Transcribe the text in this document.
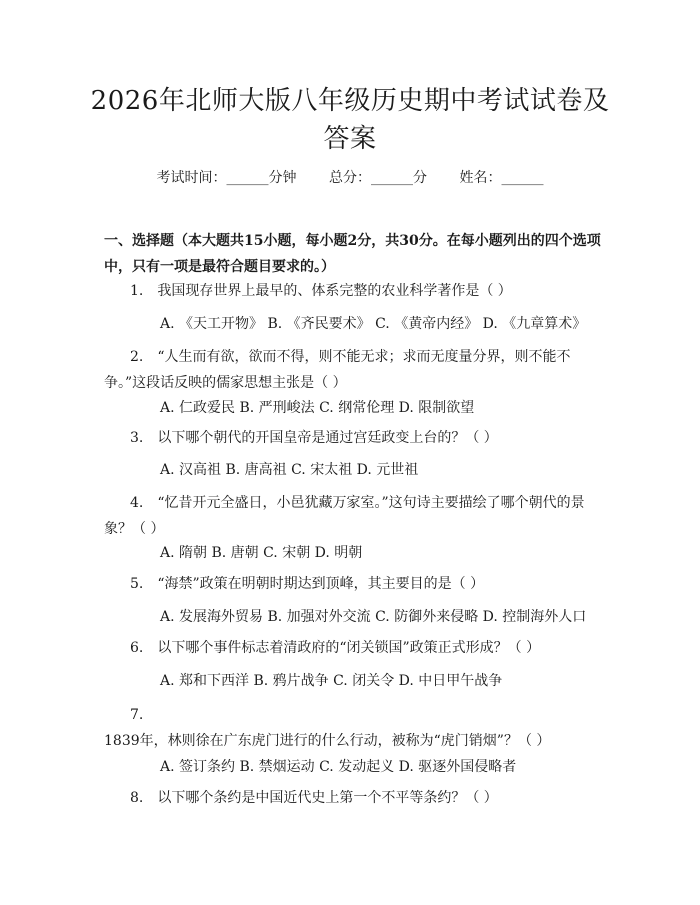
2026年北师大版八年级历史期中考试试卷及答案
考试时间：______分钟 总分：______分 姓名：______
一、选择题（本大题共15小题，每小题2分，共30分。在每小题列出的四个选项中，只有一项是最符合题目要求的。）
1. 我国现存世界上最早的、体系完整的农业科学著作是（ ）
A. 《天工开物》 B. 《齐民要术》 C. 《黄帝内经》 D. 《九章算术》
2. “人生而有欲，欲而不得，则不能无求；求而无度量分界，则不能不争。”这段话反映的儒家思想主张是（ ）
A. 仁政爱民 B. 严刑峻法 C. 纲常伦理 D. 限制欲望
3. 以下哪个朝代的开国皇帝是通过宫廷政变上台的？（ ）
A. 汉高祖 B. 唐高祖 C. 宋太祖 D. 元世祖
4. “忆昔开元全盛日，小邑犹藏万家室。”这句诗主要描绘了哪个朝代的景象？（ ）
A. 隋朝 B. 唐朝 C. 宋朝 D. 明朝
5. “海禁”政策在明朝时期达到顶峰，其主要目的是（ ）
A. 发展海外贸易 B. 加强对外交流 C. 防御外来侵略 D. 控制海外人口
6. 以下哪个事件标志着清政府的“闭关锁国”政策正式形成？（ ）
A. 郑和下西洋 B. 鸦片战争 C. 闭关令 D. 中日甲午战争
7.1839年，林则徐在广东虎门进行的什么行动，被称为“虎门销烟”？（ ）
A. 签订条约 B. 禁烟运动 C. 发动起义 D. 驱逐外国侵略者
8. 以下哪个条约是中国近代史上第一个不平等条约？（ ）
